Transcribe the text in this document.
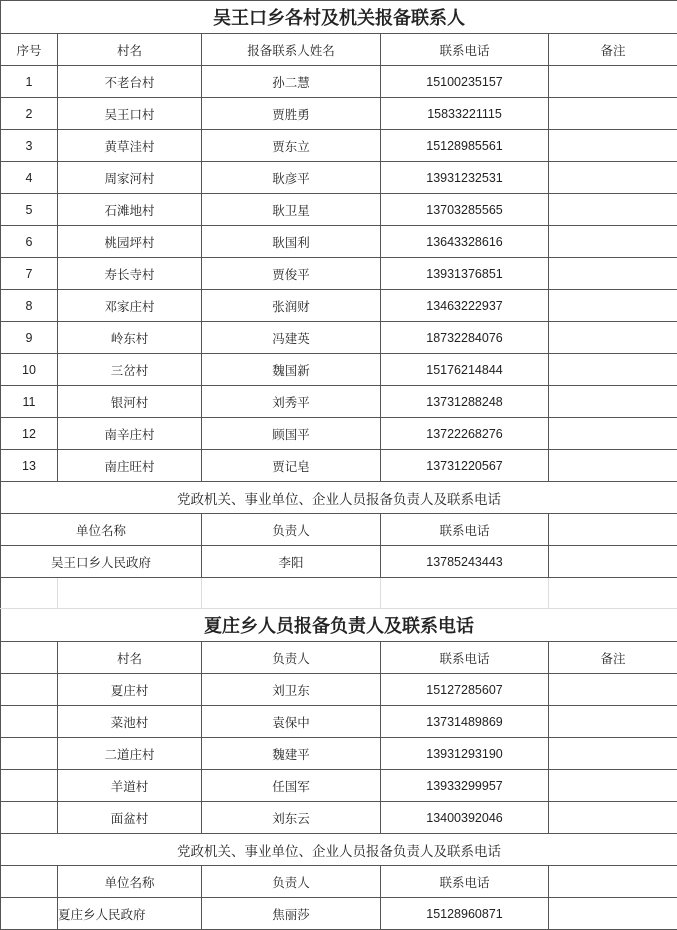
吴王口乡各村及机关报备联系人				
序号	村名	报备联系人姓名	联系电话	备注
1	不老台村	孙二慧	15100235157	
2	吴王口村	贾胜勇	15833221115	
3	黄草洼村	贾东立	15128985561	
4	周家河村	耿彦平	13931232531	
5	石滩地村	耿卫星	13703285565	
6	桃园坪村	耿国利	13643328616	
7	寿长寺村	贾俊平	13931376851	
8	邓家庄村	张润财	13463222937	
9	岭东村	冯建英	18732284076	
10	三岔村	魏国新	15176214844	
11	银河村	刘秀平	13731288248	
12	南辛庄村	顾国平	13722268276	
13	南庄旺村	贾记皂	13731220567	
党政机关、事业单位、企业人员报备负责人及联系电话				
单位名称		负责人	联系电话	
吴王口乡人民政府		李阳	13785243443	

夏庄乡人员报备负责人及联系电话				
	村名	负责人	联系电话	备注
	夏庄村	刘卫东	15127285607	
	菜池村	袁保中	13731489869	
	二道庄村	魏建平	13931293190	
	羊道村	任国军	13933299957	
	面盆村	刘东云	13400392046	
党政机关、事业单位、企业人员报备负责人及联系电话				
	单位名称	负责人	联系电话	
	夏庄乡人民政府	焦丽莎	15128960871	
